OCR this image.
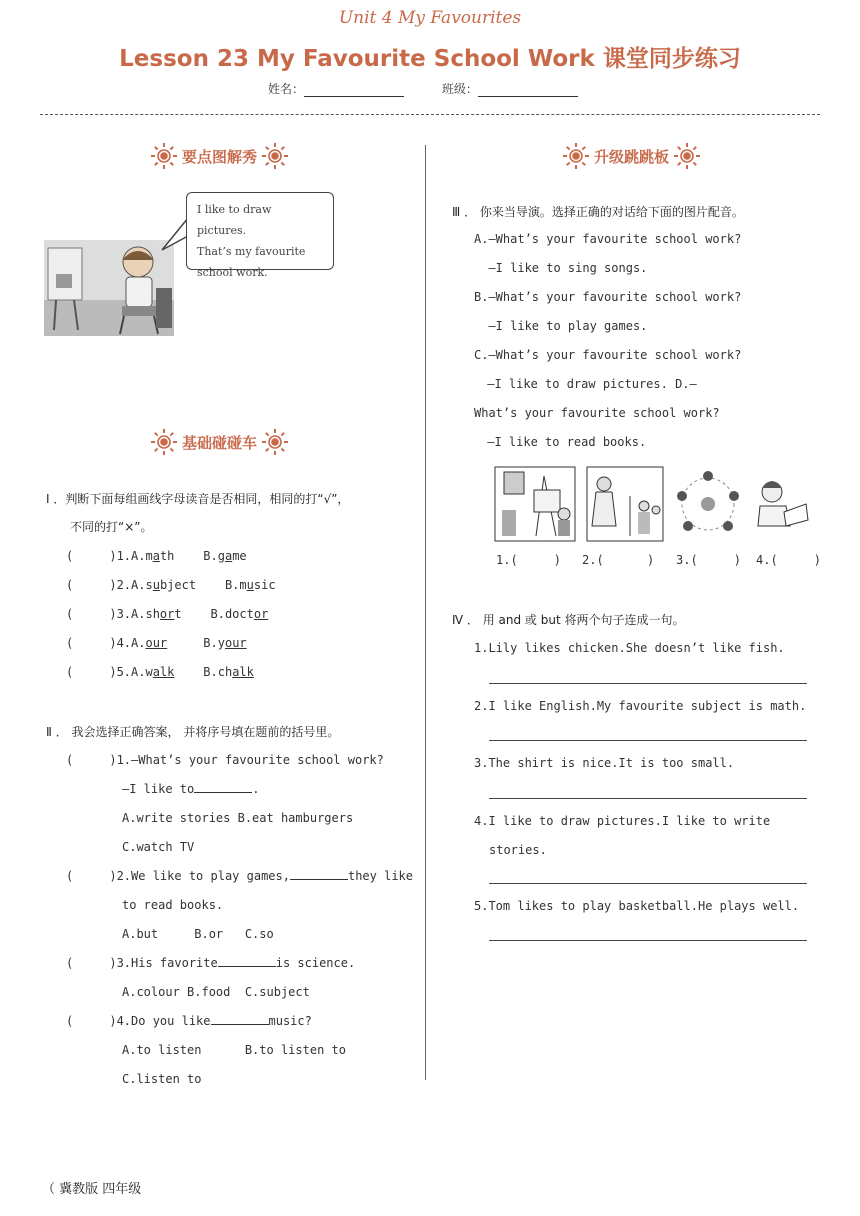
Unit 4 My Favourites
Lesson 23 My Favourite School Work 课堂同步练习
姓名：	班级：
要点图解秀
基础碰碰车
升级跳跳板
I like to draw pictures.
That’s my favourite
school work.
Ⅰ ．判断下面每组画线字母读音是否相同，相同的打“√”，
不同的打“×”。
(     )1.A.math    B.game
(     )2.A.subject    B.music
(     )3.A.short    B.doctor
(     )4.A.our     B.your
(     )5.A.walk    B.chalk
Ⅱ ． 我会选择正确答案， 并将序号填在题前的括号里。
(     )1.—What’s your favourite school work?
—I like to	.
A.write stories B.eat hamburgers
C.watch TV
(     )2.We like to play games,	they like
to read books.
A.but     B.or   C.so
(     )3.His favorite	is science.
A.colour B.food  C.subject
(     )4.Do you like	music?
A.to listen      B.to listen to
C.listen to
Ⅲ ． 你来当导演。选择正确的对话给下面的图片配音。
A.—What’s your favourite school work?
—I like to sing songs.
B.—What’s your favourite school work?
—I like to play games.
C.—What’s your favourite school work?
—I like to draw pictures. D.—
What’s your favourite school work?
—I like to read books.
1.(     ) 2.(      ) 3.(     ) 4.(     )
Ⅳ ． 用 and 或 but 将两个句子连成一句。
1.Lily likes chicken.She doesn’t like fish.
2.I like English.My favourite subject is math.
3.The shirt is nice.It is too small.
4.I like to draw pictures.I like to write
stories.
5.Tom likes to play basketball.He plays well.
（ 冀教版 四年级
